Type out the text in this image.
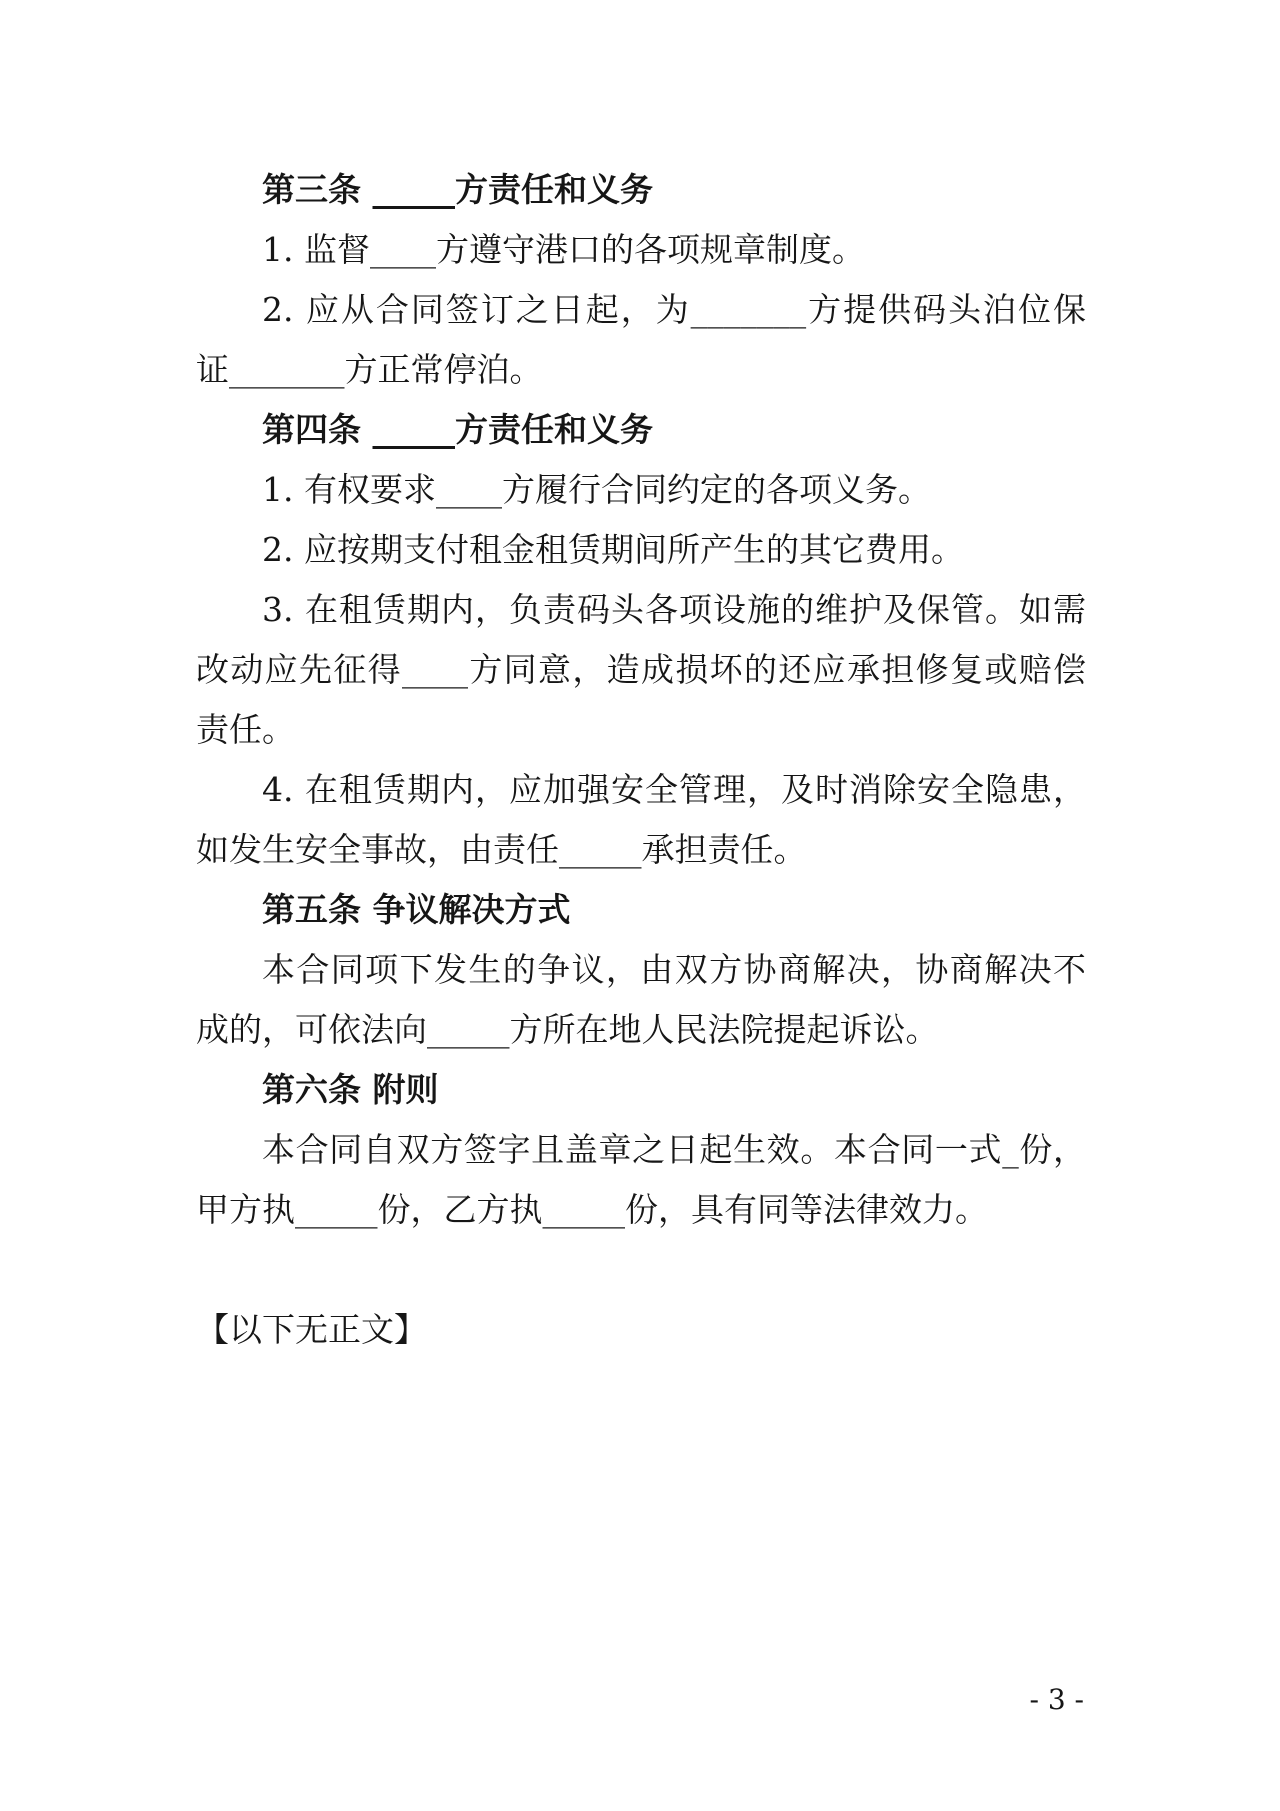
第三条 _____方责任和义务
1. 监督____方遵守港口的各项规章制度。
2. 应从合同签订之日起，为_______方提供码头泊位保
证_______方正常停泊。
第四条 _____方责任和义务
1. 有权要求____方履行合同约定的各项义务。
2. 应按期支付租金租赁期间所产生的其它费用。
3. 在租赁期内，负责码头各项设施的维护及保管。如需
改动应先征得____方同意，造成损坏的还应承担修复或赔偿
责任。
4. 在租赁期内，应加强安全管理，及时消除安全隐患，
如发生安全事故，由责任_____承担责任。
第五条 争议解决方式
本合同项下发生的争议，由双方协商解决，协商解决不
成的，可依法向_____方所在地人民法院提起诉讼。
第六条 附则
本合同自双方签字且盖章之日起生效。本合同一式_份，
甲方执_____份，乙方执_____份，具有同等法律效力。
【以下无正文】
- 3 -
